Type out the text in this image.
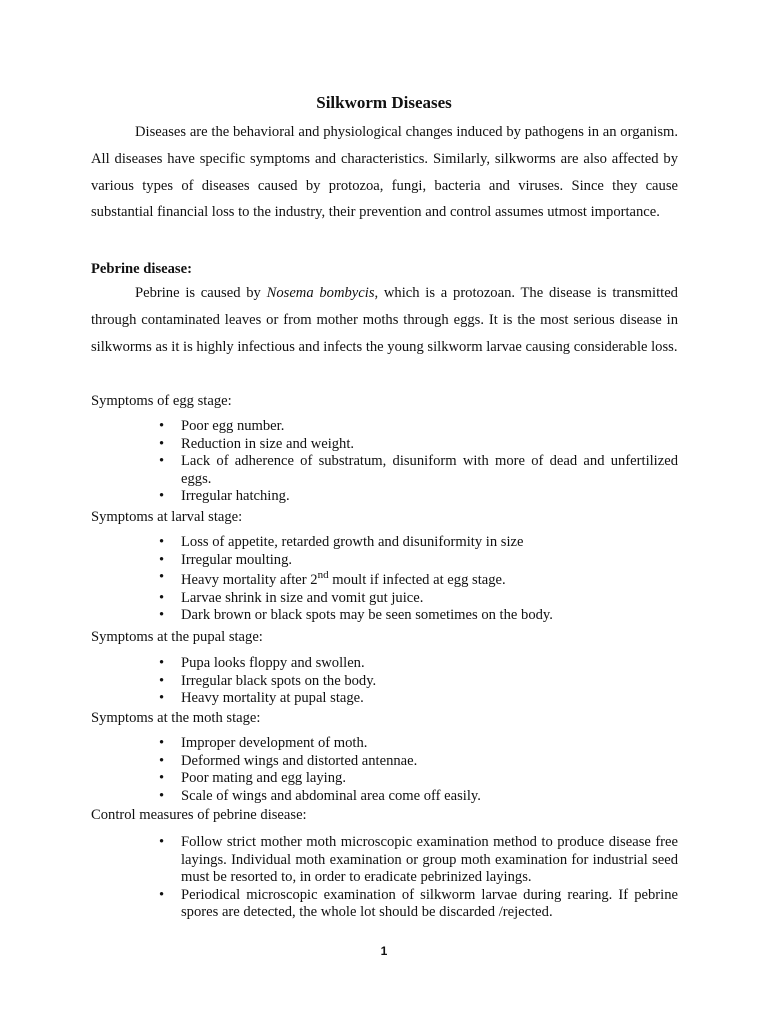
Silkworm Diseases

Diseases are the behavioral and physiological changes induced by pathogens in an organism. All diseases have specific symptoms and characteristics. Similarly, silkworms are also affected by various types of diseases caused by protozoa, fungi, bacteria and viruses. Since they cause substantial financial loss to the industry, their prevention and control assumes utmost importance.

Pebrine disease:

Pebrine is caused by Nosema bombycis, which is a protozoan. The disease is transmitted through contaminated leaves or from mother moths through eggs. It is the most serious disease in silkworms as it is highly infectious and infects the young silkworm larvae causing considerable loss.

Symptoms of egg stage:

• Poor egg number.
• Reduction in size and weight.
• Lack of adherence of substratum, disuniform with more of dead and unfertilized eggs.
• Irregular hatching.

Symptoms at larval stage:

• Loss of appetite, retarded growth and disuniformity in size
• Irregular moulting.
• Heavy mortality after 2nd moult if infected at egg stage.
• Larvae shrink in size and vomit gut juice.
• Dark brown or black spots may be seen sometimes on the body.

Symptoms at the pupal stage:

• Pupa looks floppy and swollen.
• Irregular black spots on the body.
• Heavy mortality at pupal stage.

Symptoms at the moth stage:

• Improper development of moth.
• Deformed wings and distorted antennae.
• Poor mating and egg laying.
• Scale of wings and abdominal area come off easily.

Control measures of pebrine disease:

• Follow strict mother moth microscopic examination method to produce disease free layings. Individual moth examination or group moth examination for industrial seed must be resorted to, in order to eradicate pebrinized layings.
• Periodical microscopic examination of silkworm larvae during rearing. If pebrine spores are detected, the whole lot should be discarded /rejected.
1
